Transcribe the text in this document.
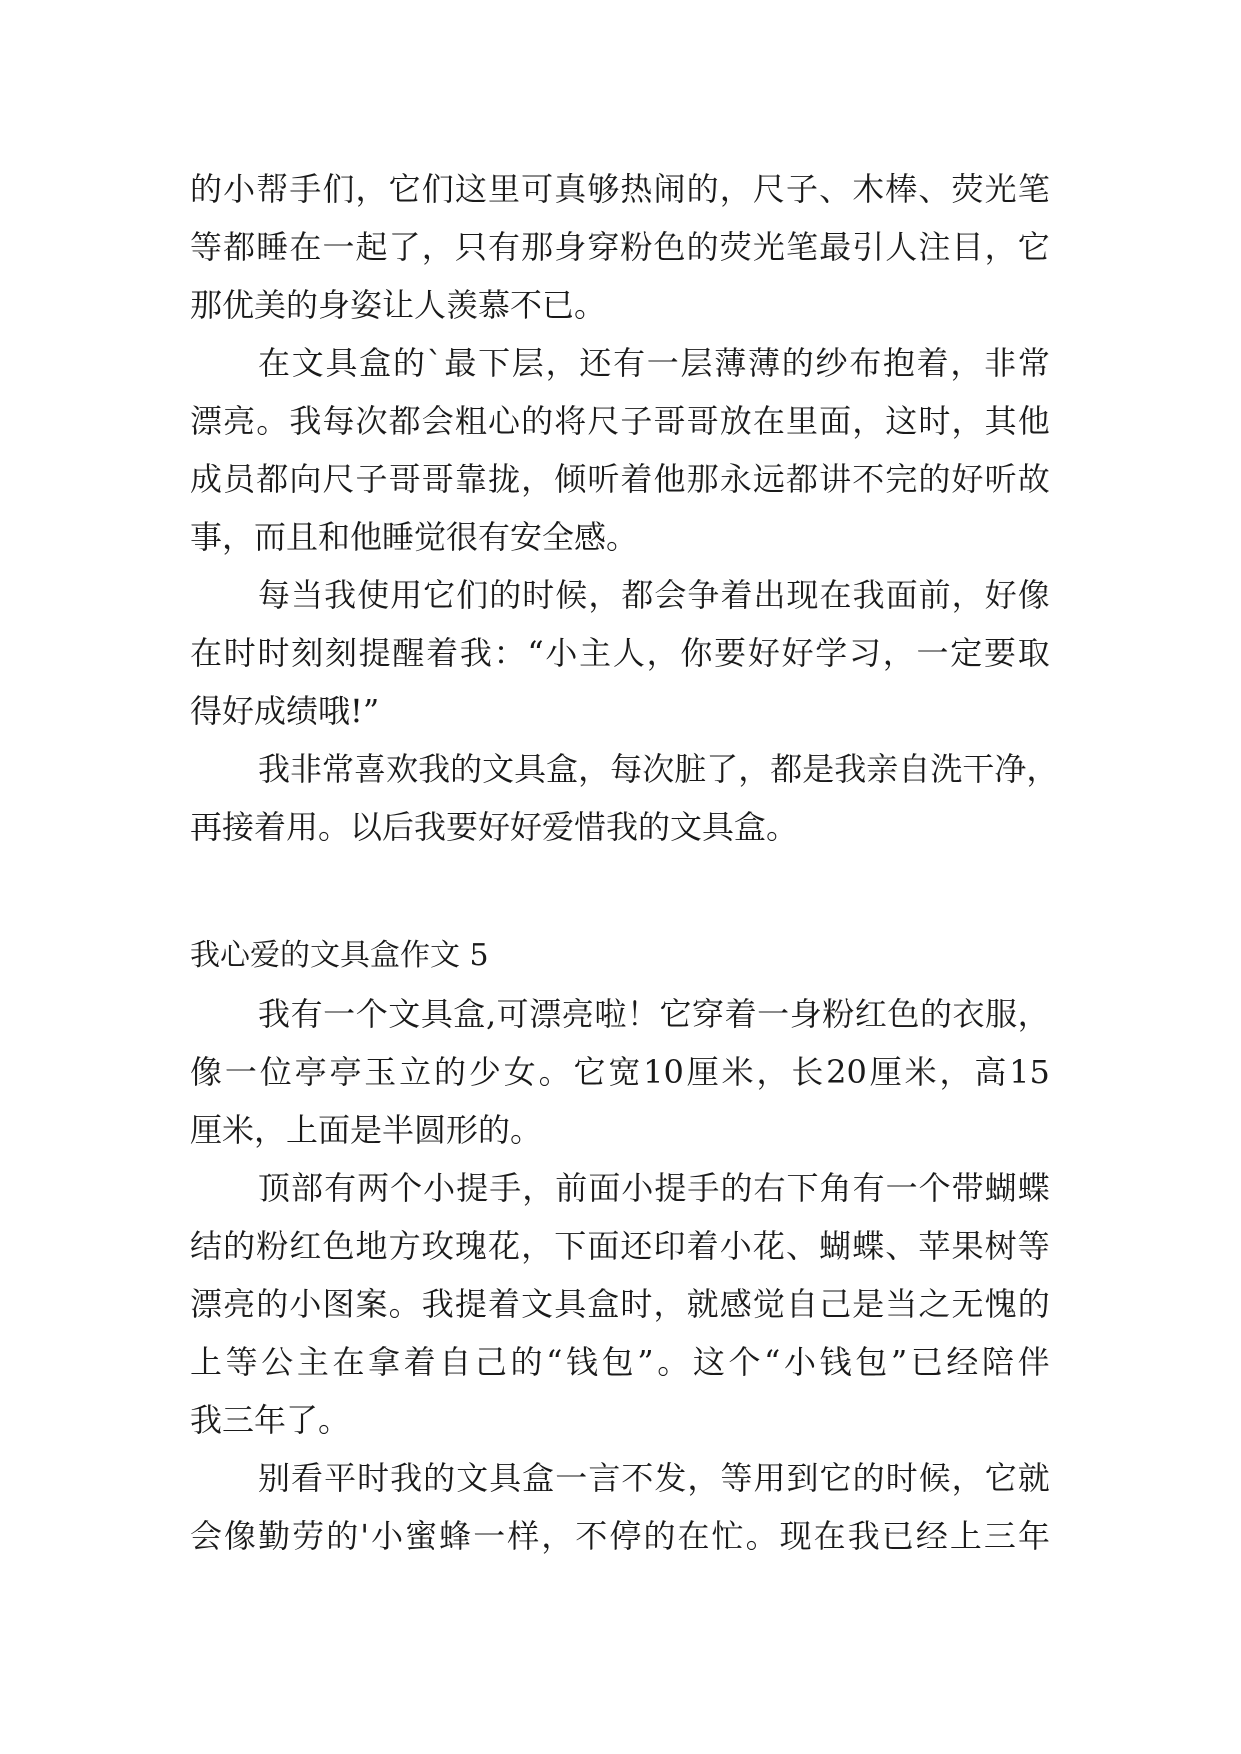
的 小 帮 手 们 ， 它 们 这 里 可 真 够 热 闹 的 ， 尺 子 、 木 棒 、 荧 光 笔
等 都 睡 在 一 起 了 ， 只 有 那 身 穿 粉 色 的 荧 光 笔 最 引 人 注 目 ， 它
那优美的身姿让人羡慕不已。
在 文 具 盒 的 ` 最 下 层 ， 还 有 一 层 薄 薄 的 纱 布 抱 着 ， 非 常
漂 亮 。 我 每 次 都 会 粗 心 的 将 尺 子 哥 哥 放 在 里 面 ， 这 时 ， 其 他
成 员 都 向 尺 子 哥 哥 靠 拢 ， 倾 听 着 他 那 永 远 都 讲 不 完 的 好 听 故
事，而且和他睡觉很有安全感。
每 当 我 使 用 它 们 的 时 候 ， 都 会 争 着 出 现 在 我 面 前 ， 好 像
在 时 时 刻 刻 提 醒 着 我 ： “ 小 主 人 ， 你 要 好 好 学 习 ， 一 定 要 取
得好成绩哦!”
我 非 常 喜 欢 我 的 文 具 盒 ， 每 次 脏 了 ， 都 是 我 亲 自 洗 干 净 ，
再接着用。以后我要好好爱惜我的文具盒。
我心爱的文具盒作文 5
我 有 一 个 文 具 盒 , 可 漂 亮 啦 ！ 它 穿 着 一 身 粉 红 色 的 衣 服 ，
像 一 位 亭 亭 玉 立 的 少 女 。 它 宽 10 厘 米 ， 长 20 厘 米 ， 高 15
厘米，上面是半圆形的。
顶 部 有 两 个 小 提 手 ， 前 面 小 提 手 的 右 下 角 有 一 个 带 蝴 蝶
结 的 粉 红 色 地 方 玫 瑰 花 ， 下 面 还 印 着 小 花 、 蝴 蝶 、 苹 果 树 等
漂 亮 的 小 图 案 。 我 提 着 文 具 盒 时 ， 就 感 觉 自 己 是 当 之 无 愧 的
上 等 公 主 在 拿 着 自 己 的 “ 钱 包 ” 。 这 个 “ 小 钱 包 ” 已 经 陪 伴
我三年了。
别 看 平 时 我 的 文 具 盒 一 言 不 发 ， 等 用 到 它 的 时 候 ， 它 就
会 像 勤 劳 的 ' 小 蜜 蜂 一 样 ， 不 停 的 在 忙 。 现 在 我 已 经 上 三 年
